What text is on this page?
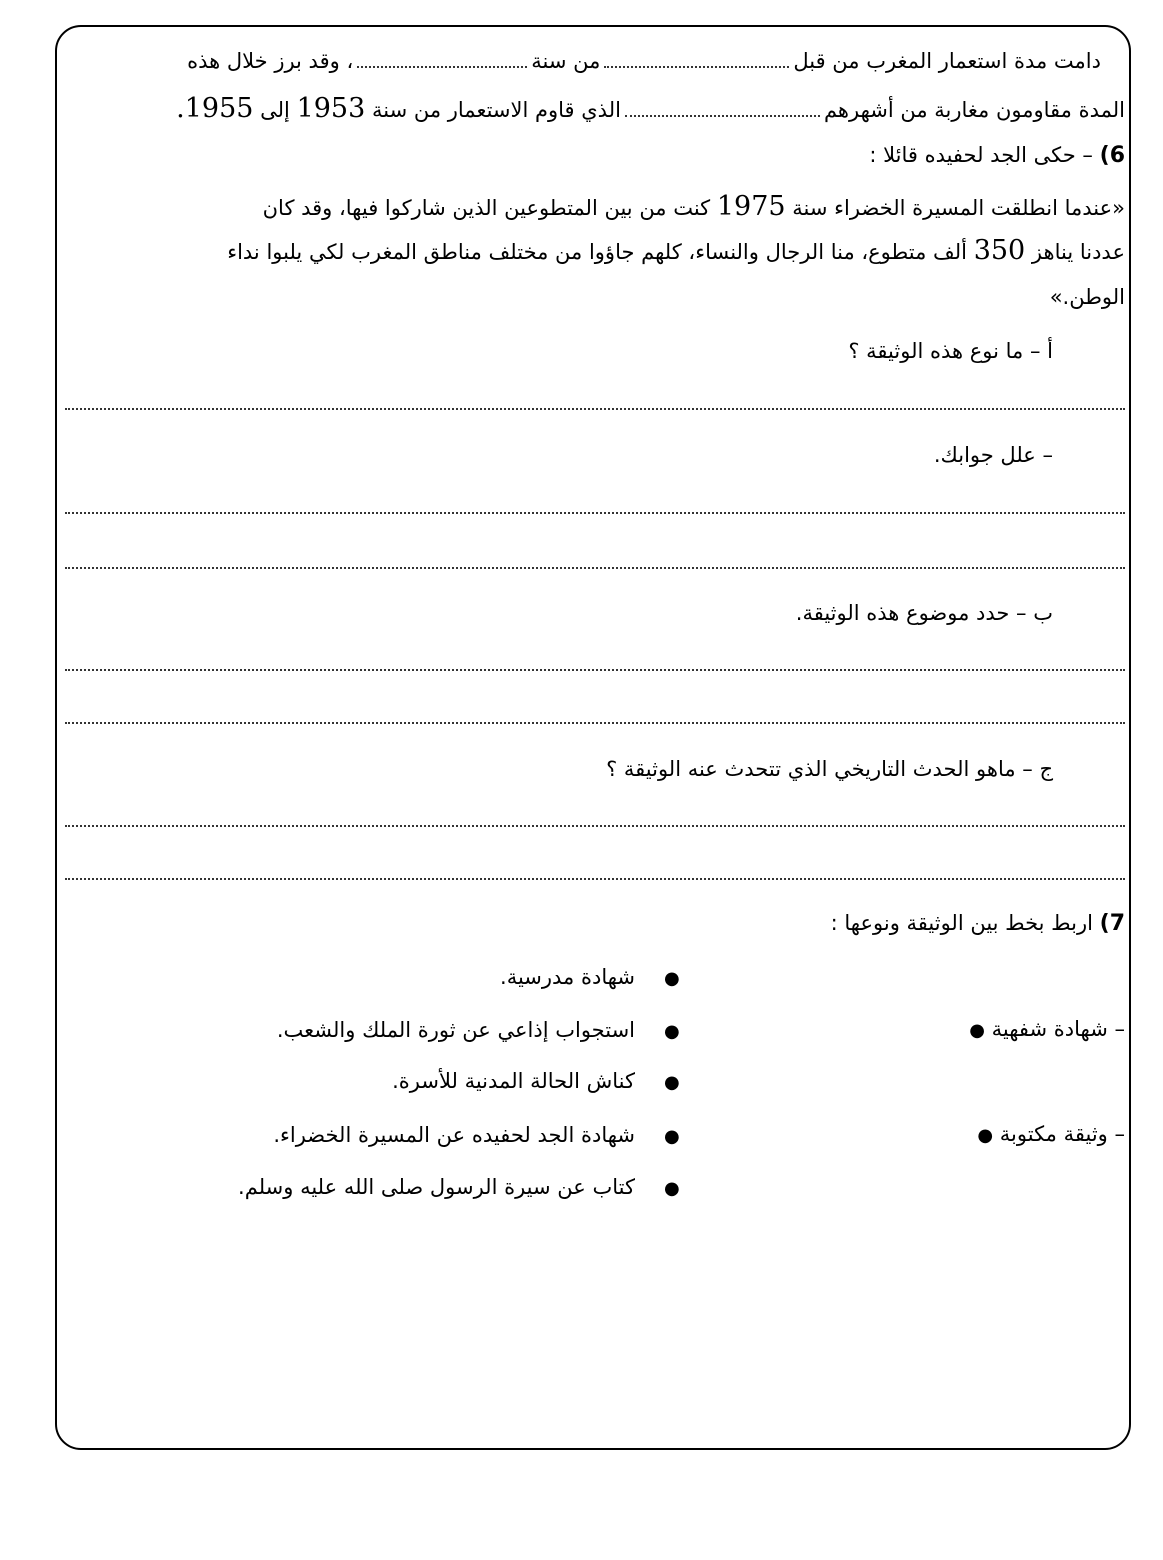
دامت مدة استعمار المغرب من قبلمن سنة، وقد برز خلال هذه
المدة مقاومون مغاربة من أشهرهمالذي قاوم الاستعمار من سنة 1953 إلى 1955.
6) – حكى الجد لحفيده قائلا :
«عندما انطلقت المسيرة الخضراء سنة 1975 كنت من بين المتطوعين الذين شاركوا فيها، وقد كان
عددنا يناهز 350 ألف متطوع، منا الرجال والنساء، كلهم جاؤوا من مختلف مناطق المغرب لكي يلبوا نداء
الوطن.»
أ – ما نوع هذه الوثيقة ؟
– علل جوابك.
ب – حدد موضوع هذه الوثيقة.
ج – ماهو الحدث التاريخي الذي تتحدث عنه الوثيقة ؟
7) اربط بخط بين الوثيقة ونوعها :
شهادة مدرسية. ●
استجواب إذاعي عن ثورة الملك والشعب. ●
كناش الحالة المدنية للأسرة. ●
شهادة الجد لحفيده عن المسيرة الخضراء. ●
كتاب عن سيرة الرسول صلى الله عليه وسلم. ●
– شهادة شفهية ●
– وثيقة مكتوبة ●
